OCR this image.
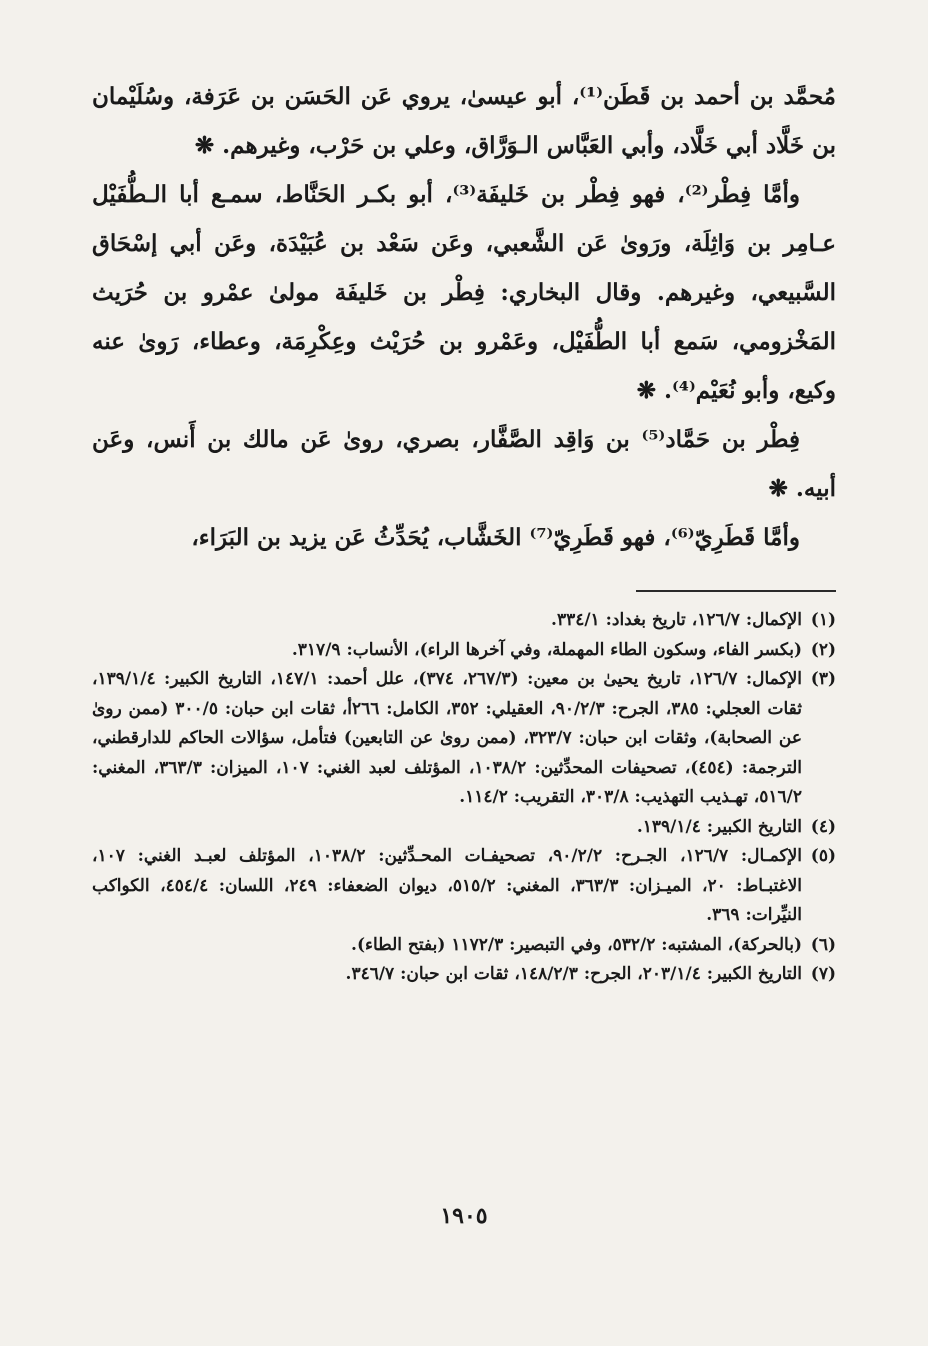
مُحمَّد بن أحمد بن قَطَن⁽¹⁾، أبو عيسىٰ، يروي عَن الحَسَن بن عَرَفة، وسُلَيْمان بن خَلَّاد أبي خَلَّاد، وأبي العَبَّاس الـوَرَّاق، وعلي بن حَرْب، وغيرهم. ❋

وأمَّا فِطْر⁽²⁾، فهو فِطْر بن خَليفَة⁽³⁾، أبو بكـر الحَنَّاط، سمـع أبا الـطُّفَيْل عـامِر بن وَاثِلَة، ورَوىٰ عَن الشَّعبي، وعَن سَعْد بن عُبَيْدَة، وعَن أبي إسْحَاق السَّبيعي، وغيرهم. وقال البخاري: فِطْر بن خَليفَة مولىٰ عمْرو بن حُرَيث المَخْزومي، سَمع أبا الطُّفَيْل، وعَمْرو بن حُرَيْث وعِكْرِمَة، وعطاء، رَوىٰ عنه وكيع، وأبو نُعَيْم⁽⁴⁾. ❋

فِطْر بن حَمَّاد⁽⁵⁾ بن وَاقِد الصَّفَّار، بصري، روىٰ عَن مالك بن أَنس، وعَن أبيه. ❋

وأمَّا قَطَرِيّ⁽⁶⁾، فهو قَطَرِيّ⁽⁷⁾ الخَشَّاب، يُحَدِّثُ عَن يزيد بن البَرَاء،

(١)
الإكمال: ١٢٦/٧، تاريخ بغداد: ٣٣٤/١.
(٢)
(بكسر الفاء، وسكون الطاء المهملة، وفي آخرها الراء)، الأنساب: ٣١٧/٩.
(٣)
الإكمال: ١٢٦/٧، تاريخ يحيىٰ بن معين: (٢٦٧/٣، ٣٧٤)، علل أحمد: ١٤٧/١، التاريخ الكبير: ١٣٩/١/٤، ثقات العجلي: ٣٨٥، الجرح: ٩٠/٢/٣، العقيلي: ٣٥٢، الكامل: ٢٦٦أ، ثقات ابن حبان: ٣٠٠/٥ (ممن روىٰ عن الصحابة)، وثقات ابن حبان: ٣٢٣/٧، (ممن روىٰ عن التابعين) فتأمل، سؤالات الحاكم للدارقطني، الترجمة: (٤٥٤)، تصحيفات المحدِّثين: ١٠٣٨/٢، المؤتلف لعبد الغني: ١٠٧، الميزان: ٣٦٣/٣، المغني: ٥١٦/٢، تهـذيب التهذيب: ٣٠٣/٨، التقريب: ١١٤/٢.
(٤)
التاريخ الكبير: ١٣٩/١/٤.
(٥)
الإكمـال: ١٢٦/٧، الجـرح: ٩٠/٢/٢، تصحيفـات المحـدِّثين: ١٠٣٨/٢، المؤتلف لعبـد الغني: ١٠٧، الاغتبـاط: ٢٠، الميـزان: ٣٦٣/٣، المغني: ٥١٥/٢، ديوان الضعفاء: ٢٤٩، اللسان: ٤٥٤/٤، الكواكب النيِّرات: ٣٦٩.
(٦)
(بالحركة)، المشتبه: ٥٣٢/٢، وفي التبصير: ١١٧٢/٣ (بفتح الطاء).
(٧)
التاريخ الكبير: ٢٠٣/١/٤، الجرح: ١٤٨/٢/٣، ثقات ابن حبان: ٣٤٦/٧.
١٩٠٥
